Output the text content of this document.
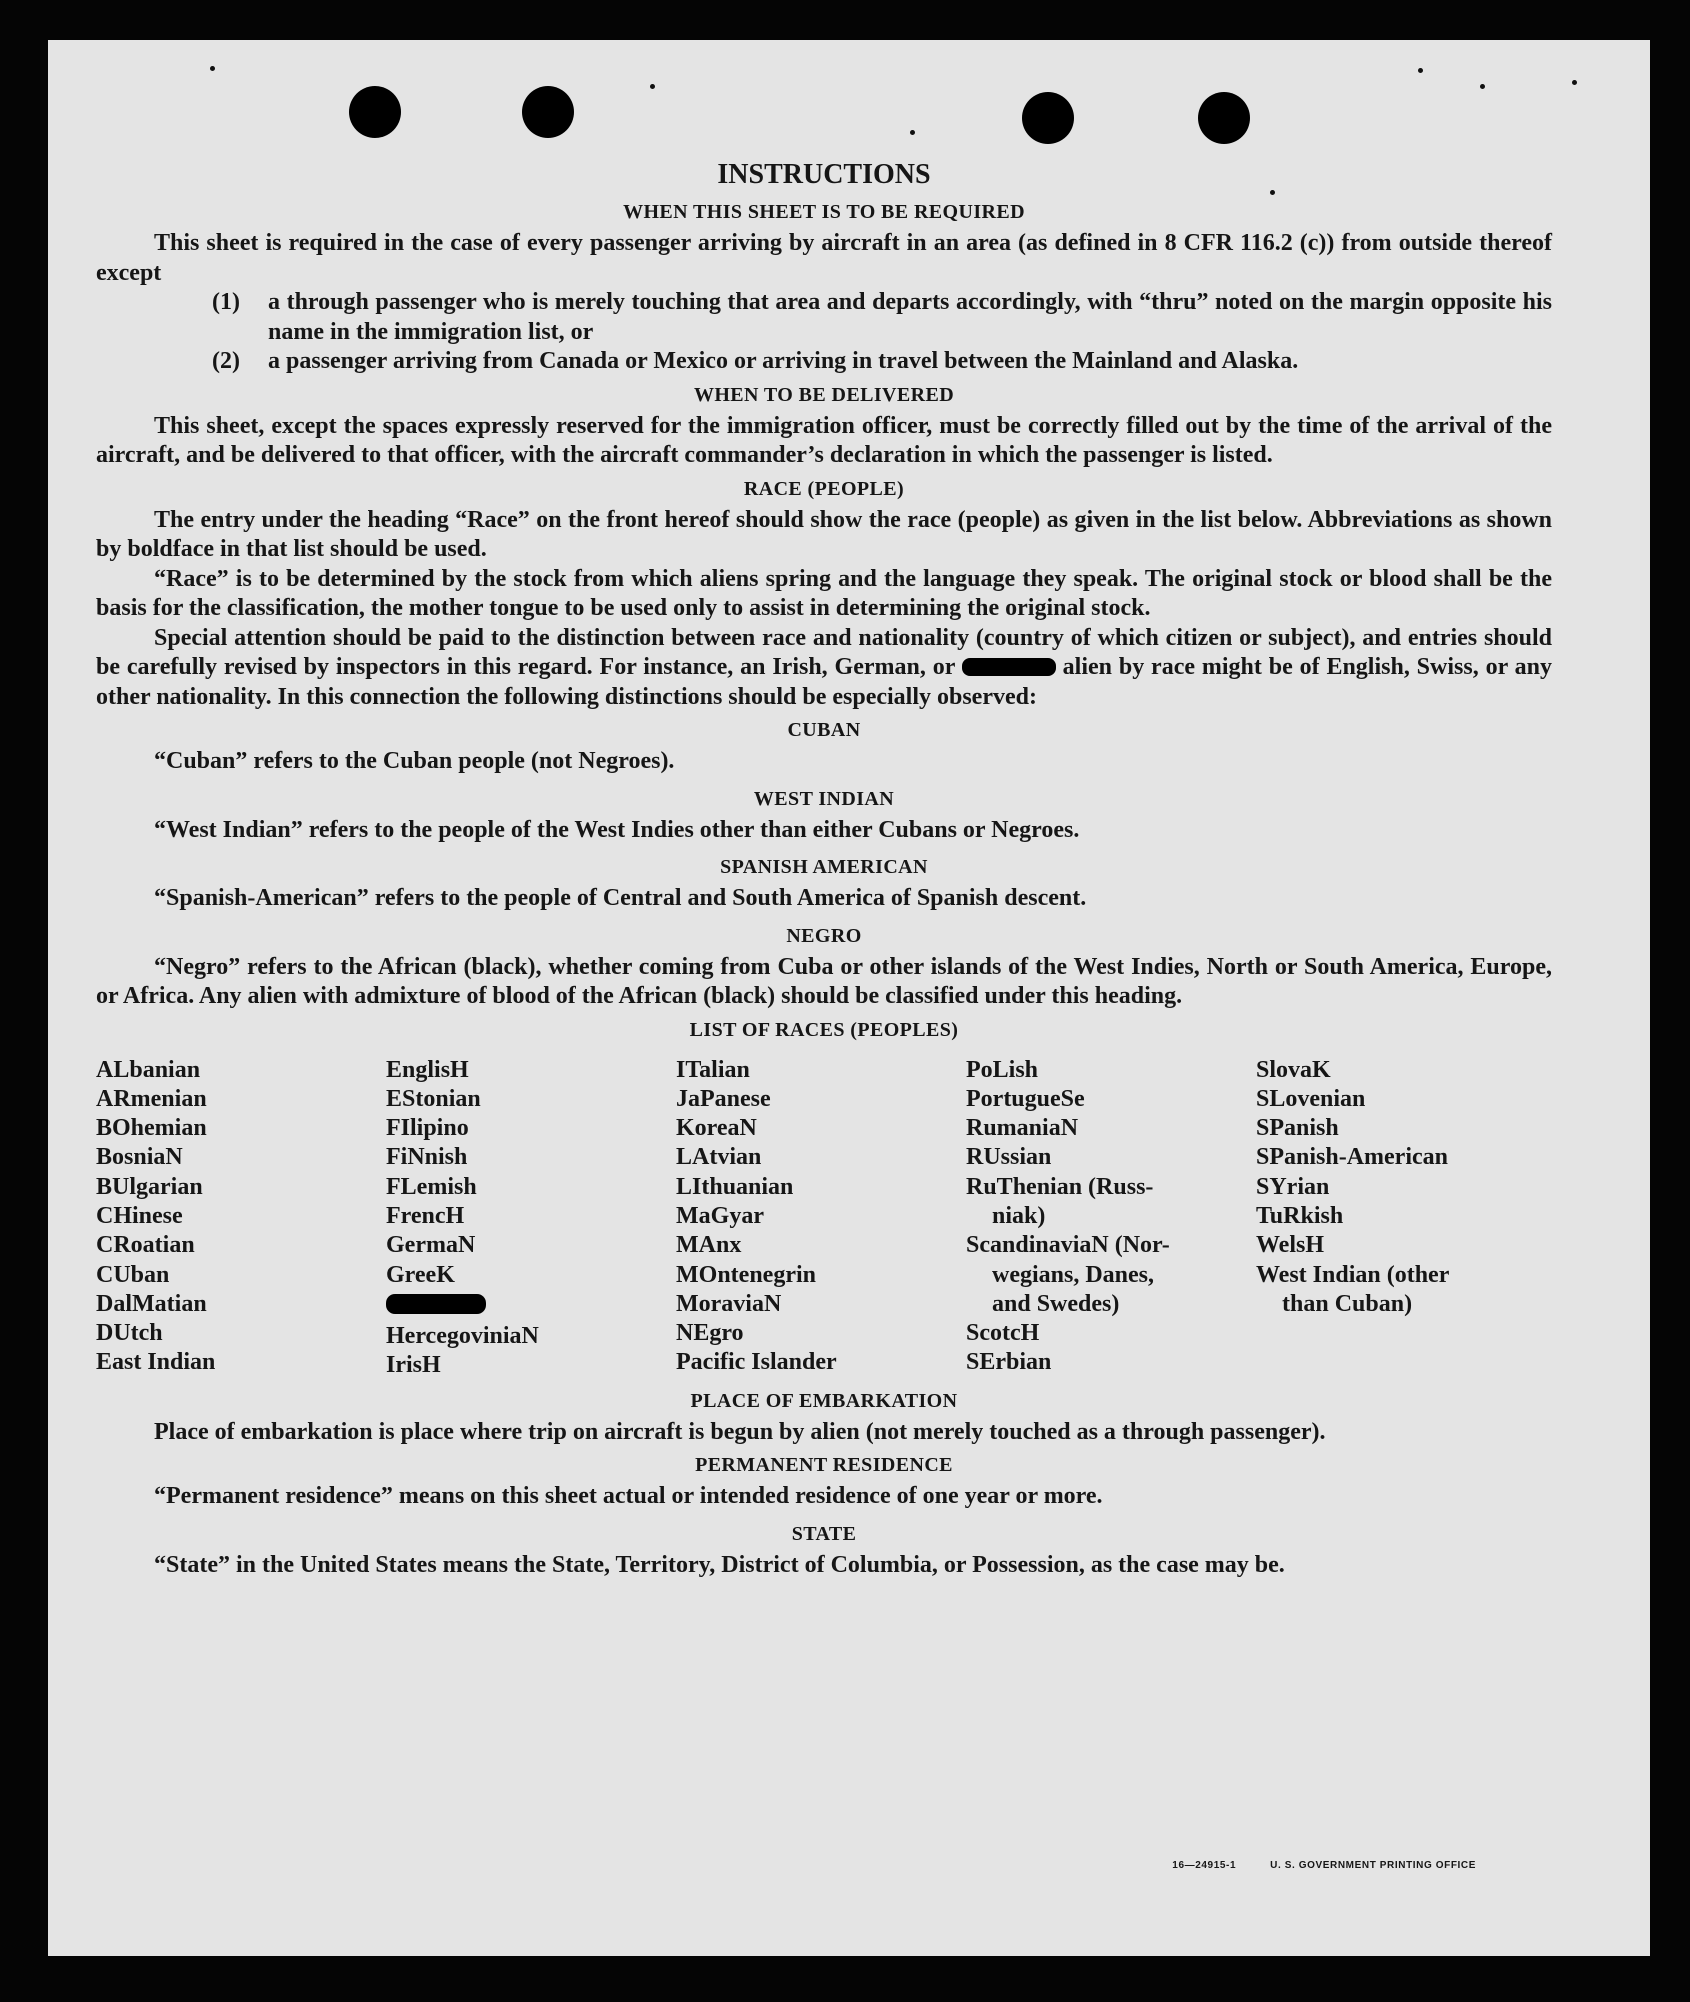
INSTRUCTIONS
WHEN THIS SHEET IS TO BE REQUIRED

This sheet is required in the case of every passenger arriving by aircraft in an area (as defined in 8 CFR 116.2 (c)) from outside thereof except

(1)	a through passenger who is merely touching that area and departs accordingly, with “thru” noted on the margin opposite his name in the immigration list, or
(2)	a passenger arriving from Canada or Mexico or arriving in travel between the Mainland and Alaska.
WHEN TO BE DELIVERED

This sheet, except the spaces expressly reserved for the immigration officer, must be correctly filled out by the time of the arrival of the aircraft, and be delivered to that officer, with the aircraft commander’s declaration in which the passenger is listed.

RACE (PEOPLE)

The entry under the heading “Race” on the front hereof should show the race (people) as given in the list below. Abbreviations as shown by boldface in that list should be used.

“Race” is to be determined by the stock from which aliens spring and the language they speak. The original stock or blood shall be the basis for the classification, the mother tongue to be used only to assist in determining the original stock.

Special attention should be paid to the distinction between race and nationality (country of which citizen or subject), and entries should be carefully revised by inspectors in this regard. For instance, an Irish, German, or	alien by race might be of English, Swiss, or any other nationality. In this connection the following distinctions should be especially observed:

CUBAN
“Cuban” refers to the Cuban people (not Negroes).
WEST INDIAN
“West Indian” refers to the people of the West Indies other than either Cubans or Negroes.
SPANISH AMERICAN
“Spanish-American” refers to the people of Central and South America of Spanish descent.
NEGRO

“Negro” refers to the African (black), whether coming from Cuba or other islands of the West Indies, North or South America, Europe, or Africa. Any alien with admixture of blood of the African (black) should be classified under this heading.

LIST OF RACES (PEOPLES)
ALbanian
ARmenian
BOhemian
BosniaN
BUlgarian
CHinese
CRoatian
CUban
DalMatian
DUtch
East Indian
EnglisH
EStonian
FIlipino
FiNnish
FLemish
FrencH
GermaN
GreeK
HercegoviniaN
IrisH
ITalian
JaPanese
KoreaN
LAtvian
LIthuanian
MaGyar
MAnx
MOntenegrin
MoraviaN
NEgro
Pacific Islander
PoLish
PortugueSe
RumaniaN
RUssian
RuThenian (Russ-
niak)
ScandinaviaN (Nor-
wegians, Danes,
and Swedes)
ScotcH
SErbian
SlovaK
SLovenian
SPanish
SPanish-American
SYrian
TuRkish
WelsH
West Indian (other
than Cuban)
PLACE OF EMBARKATION

Place of embarkation is place where trip on aircraft is begun by alien (not merely touched as a through passenger).

PERMANENT RESIDENCE
“Permanent residence” means on this sheet actual or intended residence of one year or more.
STATE

“State” in the United States means the State, Territory, District of Columbia, or Possession, as the case may be.

16—24915-1	U. S. GOVERNMENT PRINTING OFFICE
